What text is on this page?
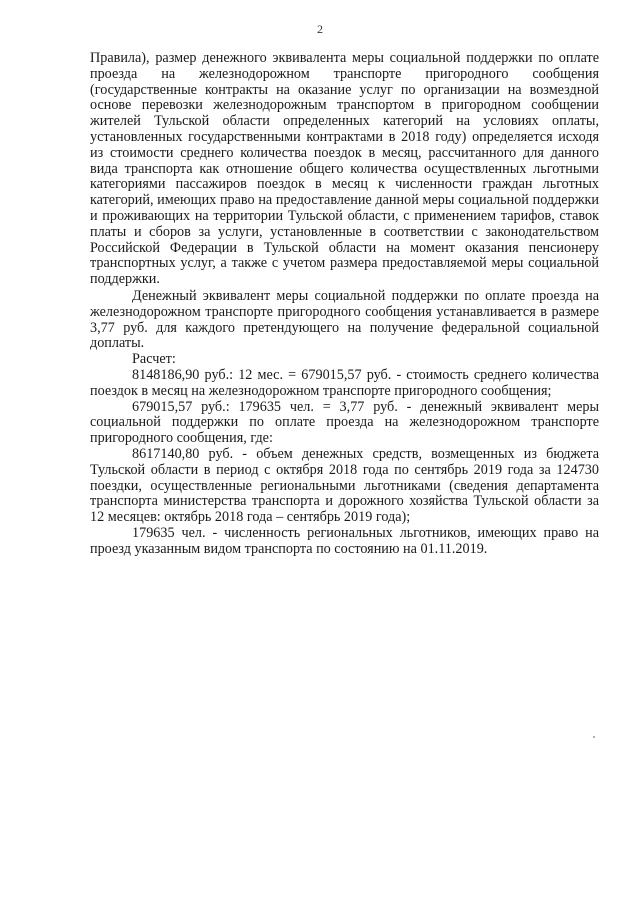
2

Правила), размер денежного эквивалента меры социальной поддержки по оплате проезда на железнодорожном транспорте пригородного сообщения (государственные контракты на оказание услуг по организации на возмездной основе перевозки железнодорожным транспортом в пригородном сообщении жителей Тульской области определенных категорий на условиях оплаты, установленных государственными контрактами в 2018 году) определяется исходя из стоимости среднего количества поездок в месяц, рассчитанного для данного вида транспорта как отношение общего количества осуществленных льготными категориями пассажиров поездок в месяц к численности граждан льготных категорий, имеющих право на предоставление данной меры социальной поддержки и проживающих на территории Тульской области, с применением тарифов, ставок платы и сборов за услуги, установленные в соответствии с законодательством Российской Федерации в Тульской области на момент оказания пенсионеру транспортных услуг, а также с учетом размера предоставляемой меры социальной поддержки.

Денежный эквивалент меры социальной поддержки по оплате проезда на железнодорожном транспорте пригородного сообщения устанавливается в размере 3,77 руб. для каждого претендующего на получение федеральной социальной доплаты.

Расчет:

8148186,90 руб.: 12 мес. = 679015,57 руб. - стоимость среднего количества поездок в месяц на железнодорожном транспорте пригородного сообщения;

679015,57 руб.: 179635 чел. = 3,77 руб. - денежный эквивалент меры социальной поддержки по оплате проезда на железнодорожном транспорте пригородного сообщения, где:

8617140,80 руб. - объем денежных средств, возмещенных из бюджета Тульской области в период с октября 2018 года по сентябрь 2019 года за 124730 поездки, осуществленные региональными льготниками (сведения департамента транспорта министерства транспорта и дорожного хозяйства Тульской области за 12 месяцев: октябрь 2018 года – сентябрь 2019 года);

179635 чел. - численность региональных льготников, имеющих право на проезд указанным видом транспорта по состоянию на 01.11.2019.
